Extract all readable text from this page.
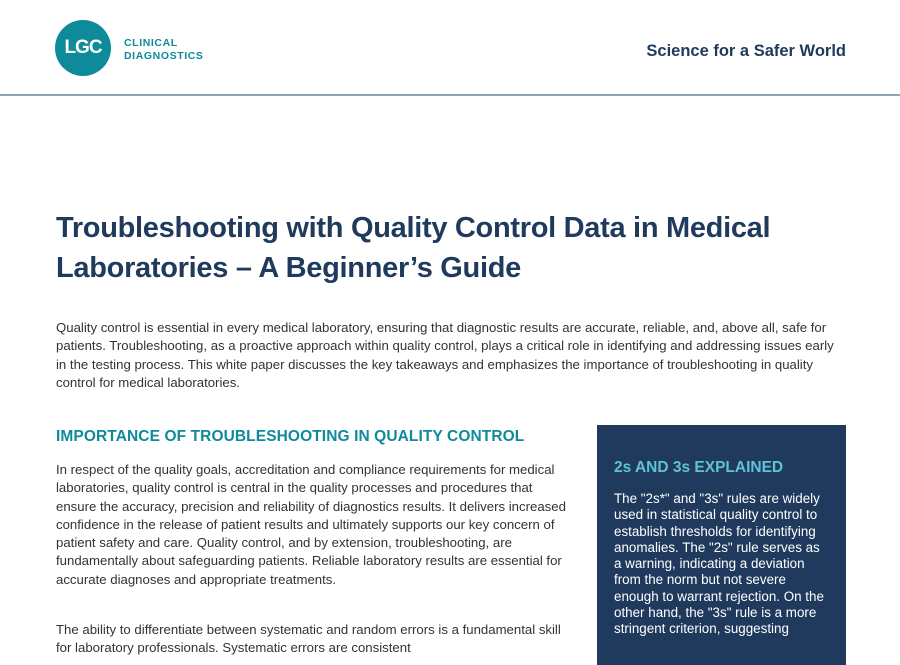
LGC	CLINICAL
DIAGNOSTICS	Science for a Safer World
Troubleshooting with Quality Control Data in Medical Laboratories – A Beginner’s Guide

Quality control is essential in every medical laboratory, ensuring that diagnostic results are accurate, reliable, and, above all, safe for patients. Troubleshooting, as a proactive approach within quality control, plays a critical role in identifying and addressing issues early in the testing process. This white paper discusses the key takeaways and emphasizes the importance of troubleshooting in quality control for medical laboratories.

IMPORTANCE OF TROUBLESHOOTING IN QUALITY CONTROL

In respect of the quality goals, accreditation and compliance requirements for medical laboratories, quality control is central in the quality processes and procedures that ensure the accuracy, precision and reliability of diagnostics results. It delivers increased confidence in the release of patient results and ultimately supports our key concern of patient safety and care. Quality control, and by extension, troubleshooting, are fundamentally about safeguarding patients. Reliable laboratory results are essential for accurate diagnoses and appropriate treatments.

The ability to differentiate between systematic and random errors is a fundamental skill for laboratory professionals. Systematic errors are consistent

2s AND 3s EXPLAINED

The "2s*" and "3s" rules are widely used in statistical quality control to establish thresholds for identifying anomalies. The "2s" rule serves as a warning, indicating a deviation from the norm but not severe enough to warrant rejection. On the other hand, the "3s" rule is a more stringent criterion, suggesting
